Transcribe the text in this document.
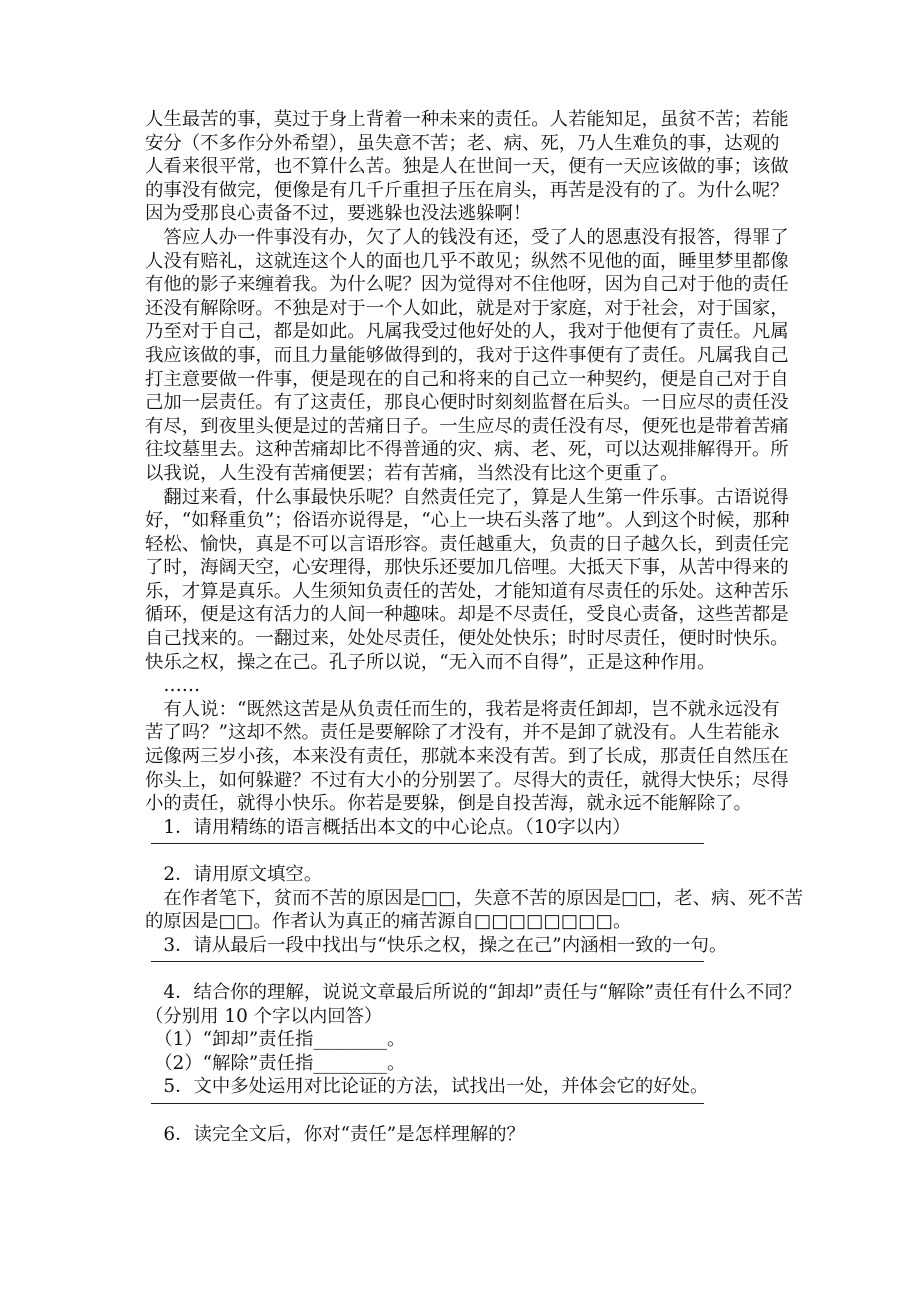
人生最苦的事，莫过于身上背着一种未来的责任。人若能知足，虽贫不苦；若能
安分（不多作分外希望），虽失意不苦；老、病、死，乃人生难负的事，达观的
人看来很平常，也不算什么苦。独是人在世间一天，便有一天应该做的事；该做
的事没有做完，便像是有几千斤重担子压在肩头，再苦是没有的了。为什么呢？
因为受那良心责备不过，要逃躲也没法逃躲啊！
　答应人办一件事没有办，欠了人的钱没有还，受了人的恩惠没有报答，得罪了
人没有赔礼，这就连这个人的面也几乎不敢见；纵然不见他的面，睡里梦里都像
有他的影子来缠着我。为什么呢？因为觉得对不住他呀，因为自己对于他的责任
还没有解除呀。不独是对于一个人如此，就是对于家庭，对于社会，对于国家，
乃至对于自己，都是如此。凡属我受过他好处的人，我对于他便有了责任。凡属
我应该做的事，而且力量能够做得到的，我对于这件事便有了责任。凡属我自己
打主意要做一件事，便是现在的自己和将来的自己立一种契约，便是自己对于自
己加一层责任。有了这责任，那良心便时时刻刻监督在后头。一日应尽的责任没
有尽，到夜里头便是过的苦痛日子。一生应尽的责任没有尽，便死也是带着苦痛
往坟墓里去。这种苦痛却比不得普通的灾、病、老、死，可以达观排解得开。所
以我说，人生没有苦痛便罢；若有苦痛，当然没有比这个更重了。
　翻过来看，什么事最快乐呢？自然责任完了，算是人生第一件乐事。古语说得
好，“如释重负”；俗语亦说得是，“心上一块石头落了地”。人到这个时候，那种
轻松、愉快，真是不可以言语形容。责任越重大，负责的日子越久长，到责任完
了时，海阔天空，心安理得，那快乐还要加几倍哩。大抵天下事，从苦中得来的
乐，才算是真乐。人生须知负责任的苦处，才能知道有尽责任的乐处。这种苦乐
循环，便是这有活力的人间一种趣味。却是不尽责任，受良心责备，这些苦都是
自己找来的。一翻过来，处处尽责任，便处处快乐；时时尽责任，便时时快乐。
快乐之权，操之在己。孔子所以说，“无入而不自得”，正是这种作用。
　……
　有人说：“既然这苦是从负责任而生的，我若是将责任卸却，岂不就永远没有
苦了吗？”这却不然。责任是要解除了才没有，并不是卸了就没有。人生若能永
远像两三岁小孩，本来没有责任，那就本来没有苦。到了长成，那责任自然压在
你头上，如何躲避？不过有大小的分别罢了。尽得大的责任，就得大快乐；尽得
小的责任，就得小快乐。你若是要躲，倒是自投苦海，就永远不能解除了。
　1．请用精练的语言概括出本文的中心论点。（10字以内）
　2．请用原文填空。
　在作者笔下，贫而不苦的原因是□□，失意不苦的原因是□□，老、病、死不苦
的原因是□□。作者认为真正的痛苦源自□□□□□□□□。
　3．请从最后一段中找出与“快乐之权，操之在己”内涵相一致的一句。
　4．结合你的理解，说说文章最后所说的“卸却”责任与“解除”责任有什么不同？
（分别用 10 个字以内回答）
　（1）“卸却”责任指________。
　（2）“解除”责任指________。
　5．文中多处运用对比论证的方法，试找出一处，并体会它的好处。
　6．读完全文后，你对“责任”是怎样理解的？
